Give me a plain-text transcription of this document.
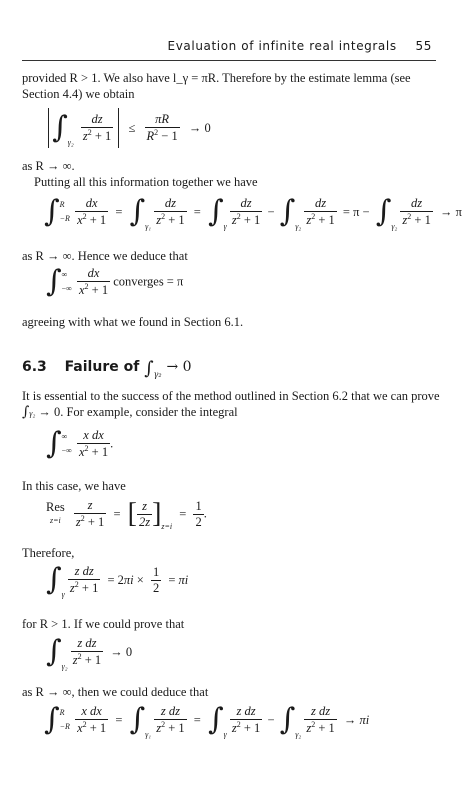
Evaluation of infinite real integrals 55
provided R > 1. We also have l_γ = πR. Therefore by the estimate lemma (see
Section 4.4) we obtain
$\int_{\gamma_2} \frac{dz}{z^2 + 1} \le \frac{\pi R}{R^2 - 1} \to 0$
as R → ∞.
Putting all this information together we have
∫ R
−R
$\frac{dx}{x^2 + 1} = \int_{\gamma_1} \frac{dz}{z^2 + 1} = \int_\gamma \frac{dz}{z^2 + 1} - \int_{\gamma_2} \frac{dz}{z^2 + 1} = \pi - \int_{\gamma_2} \frac{dz}{z^2 + 1} \to \pi$
as R → ∞. Hence we deduce that
∫ ∞
−∞
$\frac{dx}{x^2 + 1}$ converges = π
agreeing with what we found in Section 6.1.
6.3 Failure of $\int_{\gamma_2} \to 0$
It is essential to the success of the method outlined in Section 6.2 that we can prove
∫γ₂ → 0. For example, consider the integral
∫ ∞
−∞
$\frac{\text{x dx}}{x^2 + 1}$ .
In this case, we have
Res
z=i
	$\frac{z}{z^2 + 1}$ = [ $\frac{z}{2z} ]_{z=i} = \frac{1}{2}$ .
Therefore,
$\int_\gamma \frac{\text{z dz}}{z^2 + 1} = 2\pi i \times \frac{1}{2} = \pi i$
for R > 1. If we could prove that
$\int_{\gamma_2} \frac{\text{z dz}}{z^2 + 1} \to 0$
as R → ∞, then we could deduce that
∫ R
−R
$\frac{\text{x dx}}{x^2 + 1} = \int_{\gamma_1} \frac{\text{z dz}}{z^2 + 1} = \int_\gamma \frac{\text{z dz}}{z^2 + 1} - \int_{\gamma_2} \frac{\text{z dz}}{z^2 + 1} \to \pi i$
